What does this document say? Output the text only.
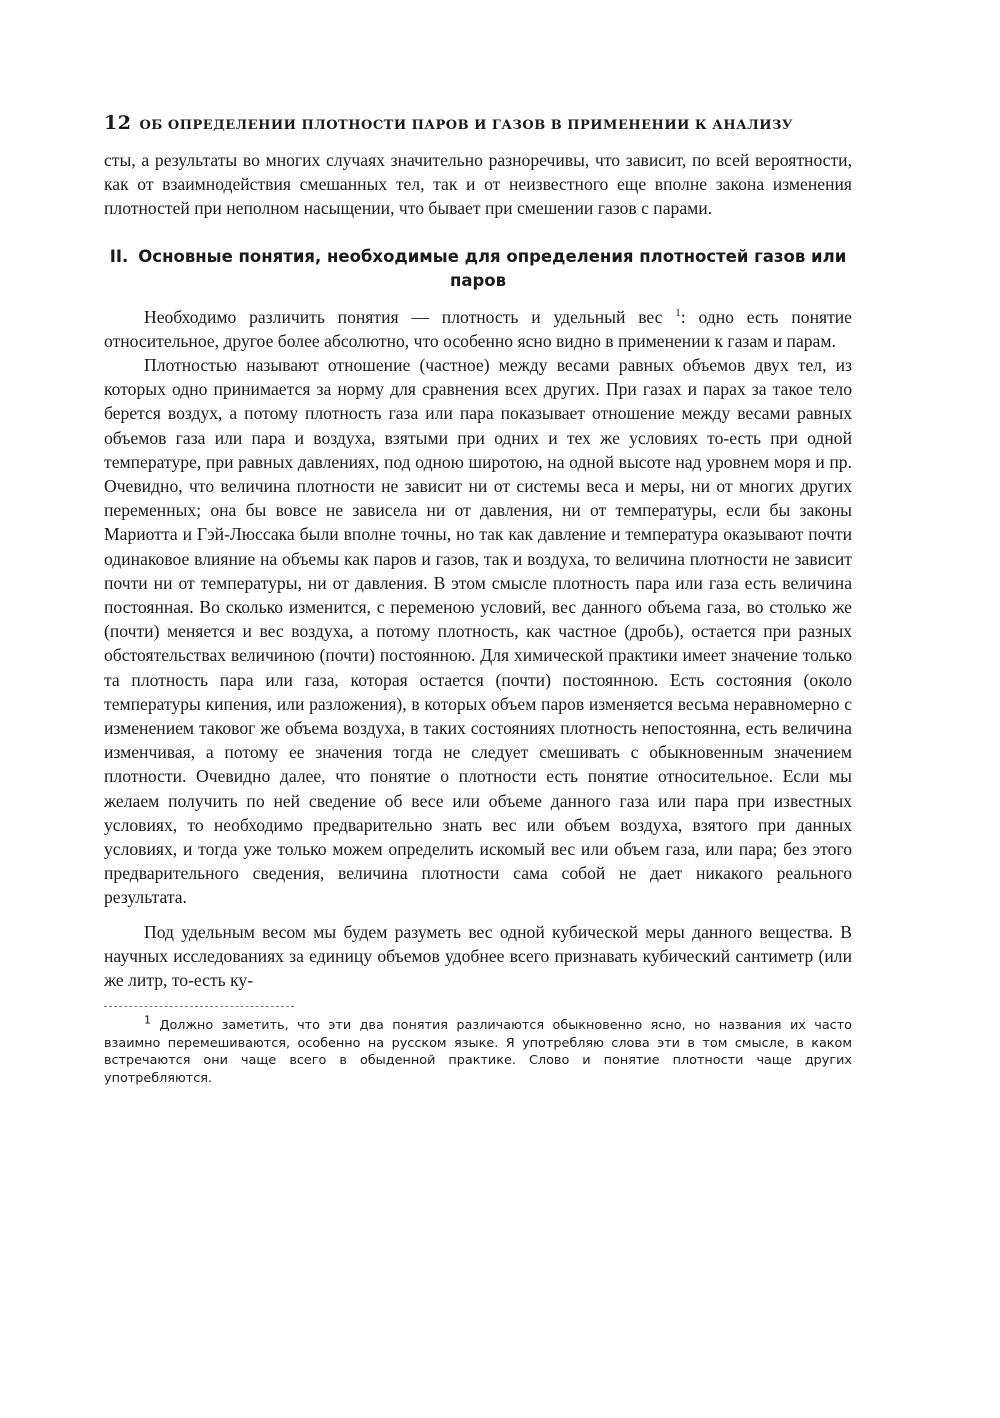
12 ОБ ОПРЕДЕЛЕНИИ ПЛОТНОСТИ ПАРОВ И ГАЗОВ В ПРИМЕНЕНИИ К АНАЛИЗУ

сты, а результаты во многих случаях значительно разноречивы, что зависит, по всей вероятности, как от взаимнодействия смешанных тел, так и от неизвестного еще вполне закона изменения плотностей при неполном насыщении, что бывает при смешении газов с парами.

II. Основные понятия, необходимые для определения плотностей газов или паров

Необходимо различить понятия — плотность и удельный вес $^1$: одно есть понятие относительное, другое более абсолютно, что особенно ясно видно в применении к газам и парам.

Плотностью называют отношение (частное) между весами равных объемов двух тел, из которых одно принимается за норму для сравнения всех других. При газах и парах за такое тело берется воздух, а потому плотность газа или пара показывает отношение между весами равных объемов газа или пара и воздуха, взятыми при одних и тех же условиях то-есть при одной температуре, при равных давлениях, под одною широтою, на одной высоте над уровнем моря и пр. Очевидно, что величина плотности не зависит ни от системы веса и меры, ни от многих других переменных; она бы вовсе не зависела ни от давления, ни от температуры, если бы законы Мариотта и Гэй-Люссака были вполне точны, но так как давление и температура оказывают почти одинаковое влияние на объемы как паров и газов, так и воздуха, то величина плотности не зависит почти ни от температуры, ни от давления. В этом смысле плотность пара или газа есть величина постоянная. Во сколько изменится, с переменою условий, вес данного объема газа, во столько же (почти) меняется и вес воздуха, а потому плотность, как частное (дробь), остается при разных обстоятельствах величиною (почти) постоянною. Для химической практики имеет значение только та плотность пара или газа, которая остается (почти) постоянною. Есть состояния (около температуры кипения, или разложения), в которых объем паров изменяется весьма неравномерно с изменением таковог же объема воздуха, в таких состояниях плотность непостоянна, есть величина изменчивая, а потому ее значения тогда не следует смешивать с обыкновенным значением плотности. Очевидно далее, что понятие о плотности есть понятие относительное. Если мы желаем получить по ней сведение об весе или объеме данного газа или пара при известных условиях, то необходимо предварительно знать вес или объем воздуха, взятого при данных условиях, и тогда уже только можем определить искомый вес или объем газа, или пара; без этого предварительного сведения, величина плотности сама собой не дает никакого реального результата.

Под удельным весом мы будем разуметь вес одной кубической меры данного вещества. В научных исследованиях за единицу объемов удобнее всего признавать кубический сантиметр (или же литр, то-есть ку-

$^1$ Должно заметить, что эти два понятия различаются обыкновенно ясно, но названия их часто взаимно перемешиваются, особенно на русском языке. Я употребляю слова эти в том смысле, в каком встречаются они чаще всего в обыденной практике. Слово и понятие плотности чаще других употребляются.
